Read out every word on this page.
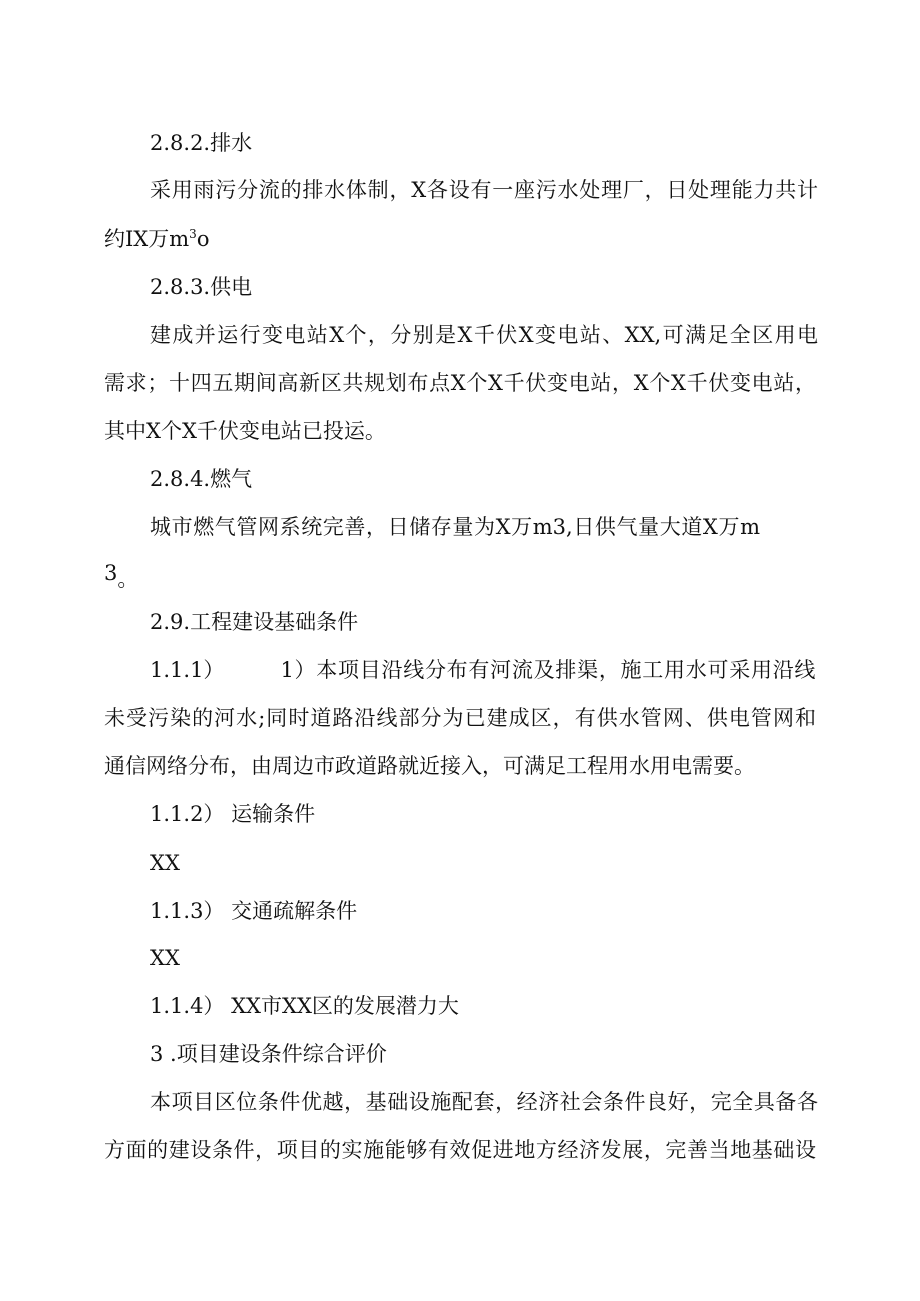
2.8.2.排水
采用雨污分流的排水体制，X各设有一座污水处理厂，日处理能力共计
约IX万$m^3o$
2.8.3.供电
建成并运行变电站X个，分别是X千伏X变电站、XX,可满足全区用电
需求；十四五期间高新区共规划布点X个X千伏变电站，X个X千伏变电站，
其中X个X千伏变电站已投运。
2.8.4.燃气
城市燃气管网系统完善，日储存量为X万m3,日供气量大道X万m
3。
2.9.工程建设基础条件
1.1.1）	1）本项目沿线分布有河流及排渠，施工用水可采用沿线
未受污染的河水;同时道路沿线部分为已建成区，有供水管网、供电管网和
通信网络分布，由周边市政道路就近接入，可满足工程用水用电需要。
1.1.2） 运输条件
XX
1.1.3） 交通疏解条件
XX
1.1.4） XX市XX区的发展潜力大
3 .项目建设条件综合评价
本项目区位条件优越，基础设施配套，经济社会条件良好，完全具备各
方面的建设条件，项目的实施能够有效促进地方经济发展，完善当地基础设
